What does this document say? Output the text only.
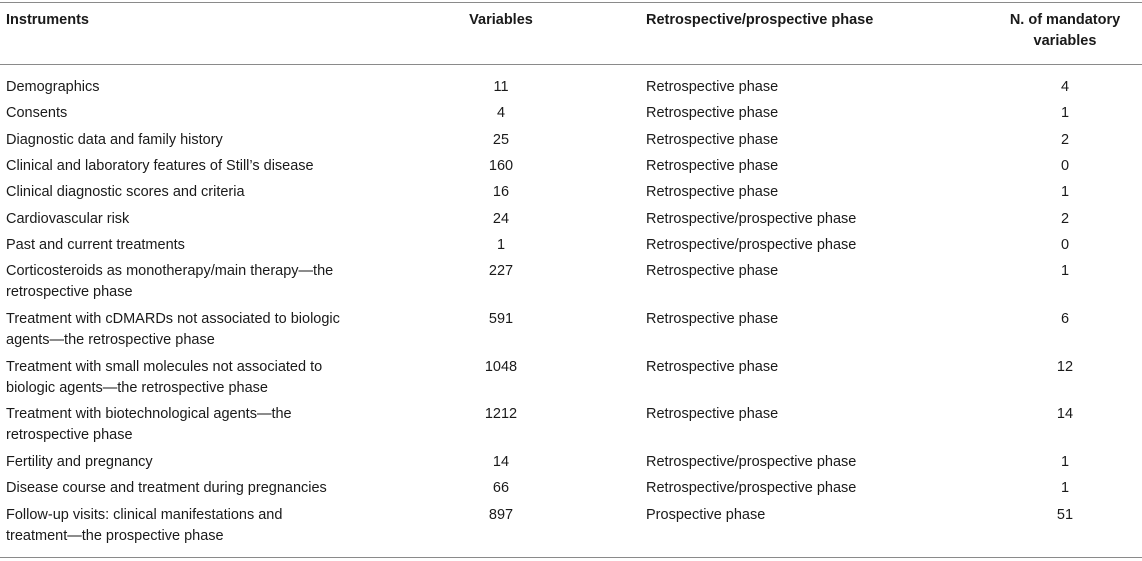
Instruments	Variables	Retrospective/prospective phase	N. of mandatory
variables
Demographics	11	Retrospective phase	4
Consents	4	Retrospective phase	1
Diagnostic data and family history	25	Retrospective phase	2
Clinical and laboratory features of Still’s disease	160	Retrospective phase	0
Clinical diagnostic scores and criteria	16	Retrospective phase	1
Cardiovascular risk	24	Retrospective/prospective phase	2
Past and current treatments	1	Retrospective/prospective phase	0
Corticosteroids as monotherapy/main therapy—the
retrospective phase
227	Retrospective phase	1
Treatment with cDMARDs not associated to biologic
agents—the retrospective phase
591	Retrospective phase	6
Treatment with small molecules not associated to
biologic agents—the retrospective phase
1048	Retrospective phase	12
Treatment with biotechnological agents—the
retrospective phase
1212	Retrospective phase	14
Fertility and pregnancy	14	Retrospective/prospective phase	1
Disease course and treatment during pregnancies	66	Retrospective/prospective phase	1
Follow-up visits: clinical manifestations and
treatment—the prospective phase
897	Prospective phase	51
